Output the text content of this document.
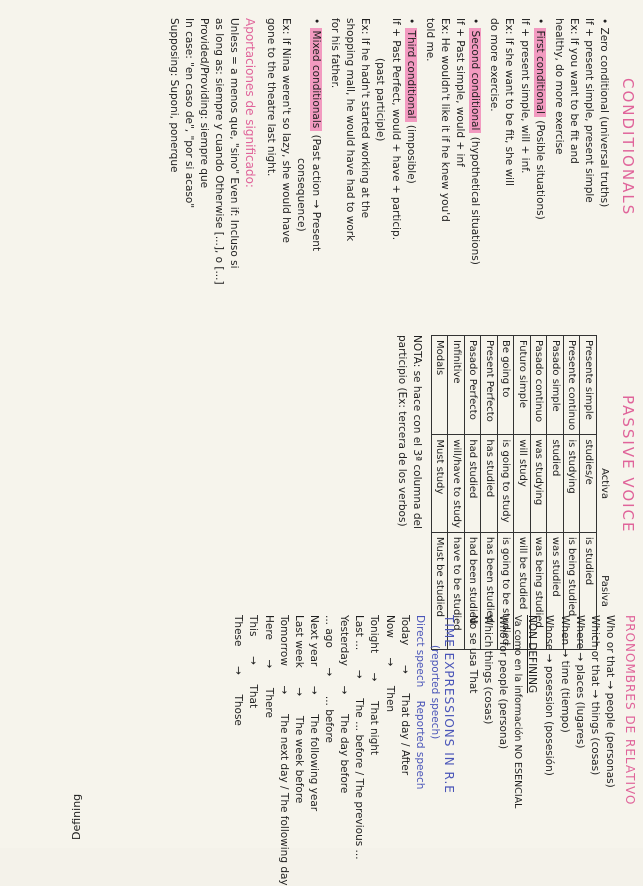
CONDITIONALS
• Zero conditional (universal truths)
If + present simple, present simple
Ex: If you want to be fit and
healthy, do more exercise
• First conditional (Posible situations)
If + present simple, will + inf.
Ex: If she want to be fit, she will
do more exercise.
• Second conditional (hypothetical situations)
If + Past simple, would + inf
Ex: He wouldn't like it if he knew you'd
told me.
• Third conditional (imposible)
If + Past Perfect, would + have + particip.
(past participle)
Ex: If he hadn't started working at the
shopping mall, he would have had to work
for his father.
• Mixed conditionals (Past action → Present
consequence)
Ex: If Nina weren't so lazy, she would have
gone to the theatre last night.
Aportaciones de significado:
Unless = a menos que, "sino" Even if: Incluso si
as long as: siempre y cuando Otherwise [...], o [...]
Provided/Providing: siempre que
In case: "en caso de", "por si acaso"
Supposing: Suponi, ponerque
PASSIVE VOICE
	Activa	Pasiva
Presente simple	studies/e	is studied
Presente continuo	is studying	is being studied
Pasado simple	studied	was studied
Pasado continuo	was studying	was being studied
Futuro simple	will study	will be studied
Be going to	is going to study	is going to be studied
Present Perfecto	has studied	has been studied
Pasado Perfecto	had studied	had been studied
Infinitive	will/have to study	have to be studied
Modals	Must study	Must be studied
NOTA: se hace con el 3ª columna del
participio (Ex: tercera de los verbos)
PRONOMBRES DE RELATIVO
Who or that → people (personas)
Which or that → things (cosas)
Where → places (lugares)
When → time (tiempo)
Whose → posession (posesión)
NON DEFINING
Va como en la información NO ESENCIAL
Who for people (persona)
Which things (cosas)
No se usa That
TIME EXPRESSIONS IN R.E
(reported speech)
Direct speech    Reported speech
Today→That day / After
Now→Then
Tonight→That night
Last ...→The ... before / The previous ...
Yesterday→The day before
... ago→... before
Next year→The following year
Last week→The week before
Tomorrow→The next day / The following day
Here→There
This→That
These→Those
Defining
